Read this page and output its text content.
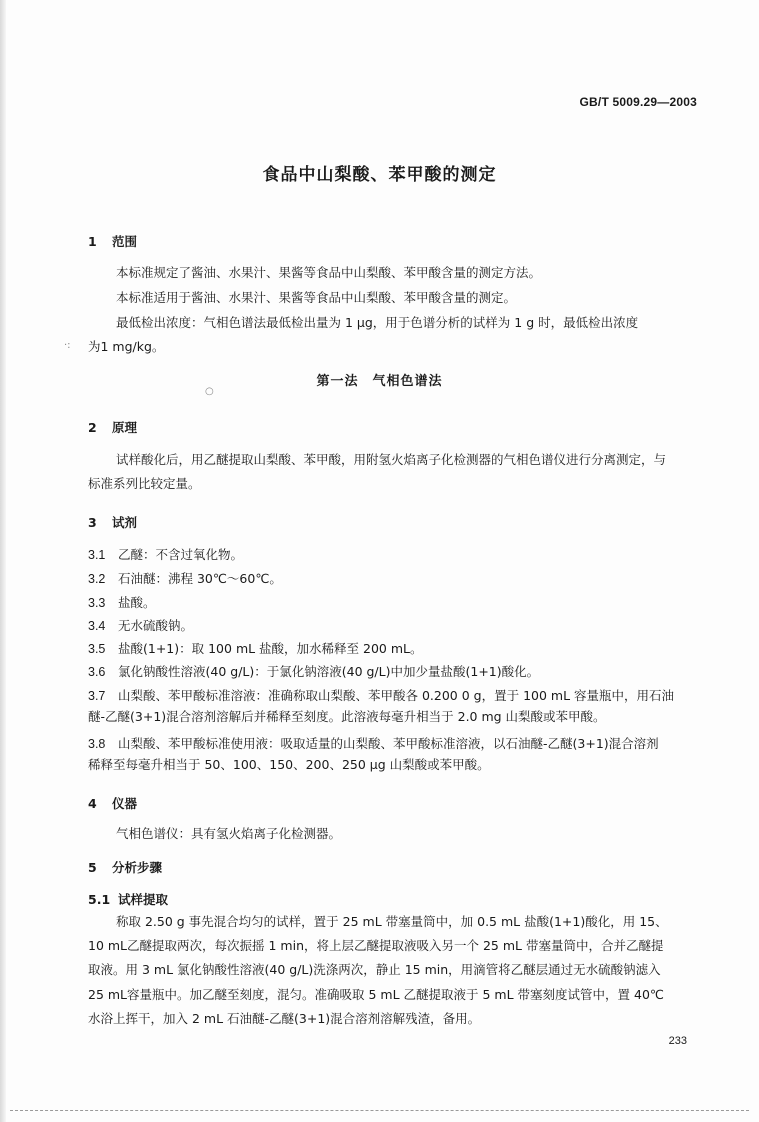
GB/T 5009.29—2003
食品中山梨酸、苯甲酸的测定
1 范围
本标准规定了酱油、水果汁、果酱等食品中山梨酸、苯甲酸含量的测定方法。
本标准适用于酱油、水果汁、果酱等食品中山梨酸、苯甲酸含量的测定。
最低检出浓度：气相色谱法最低检出量为 1 μg，用于色谱分析的试样为 1 g 时，最低检出浓度
为1 mg/kg。
·:
第一法　气相色谱法
○
2 原理
试样酸化后，用乙醚提取山梨酸、苯甲酸，用附氢火焰离子化检测器的气相色谱仪进行分离测定，与
标准系列比较定量。
3 试剂
3.1 乙醚：不含过氧化物。
3.2 石油醚：沸程 30℃～60℃。
3.3 盐酸。
3.4 无水硫酸钠。
3.5 盐酸(1+1)：取 100 mL 盐酸，加水稀释至 200 mL。
3.6 氯化钠酸性溶液(40 g/L)：于氯化钠溶液(40 g/L)中加少量盐酸(1+1)酸化。
3.7 山梨酸、苯甲酸标准溶液：准确称取山梨酸、苯甲酸各 0.200 0 g，置于 100 mL 容量瓶中，用石油
醚-乙醚(3+1)混合溶剂溶解后并稀释至刻度。此溶液每毫升相当于 2.0 mg 山梨酸或苯甲酸。
3.8 山梨酸、苯甲酸标准使用液：吸取适量的山梨酸、苯甲酸标准溶液，以石油醚-乙醚(3+1)混合溶剂
稀释至每毫升相当于 50、100、150、200、250 μg 山梨酸或苯甲酸。
4 仪器
气相色谱仪：具有氢火焰离子化检测器。
5 分析步骤
5.1 试样提取
称取 2.50 g 事先混合均匀的试样，置于 25 mL 带塞量筒中，加 0.5 mL 盐酸(1+1)酸化，用 15、
10 mL乙醚提取两次，每次振摇 1 min，将上层乙醚提取液吸入另一个 25 mL 带塞量筒中，合并乙醚提
取液。用 3 mL 氯化钠酸性溶液(40 g/L)洗涤两次，静止 15 min，用滴管将乙醚层通过无水硫酸钠滤入
25 mL容量瓶中。加乙醚至刻度，混匀。准确吸取 5 mL 乙醚提取液于 5 mL 带塞刻度试管中，置 40℃
水浴上挥干，加入 2 mL 石油醚-乙醚(3+1)混合溶剂溶解残渣，备用。
233
